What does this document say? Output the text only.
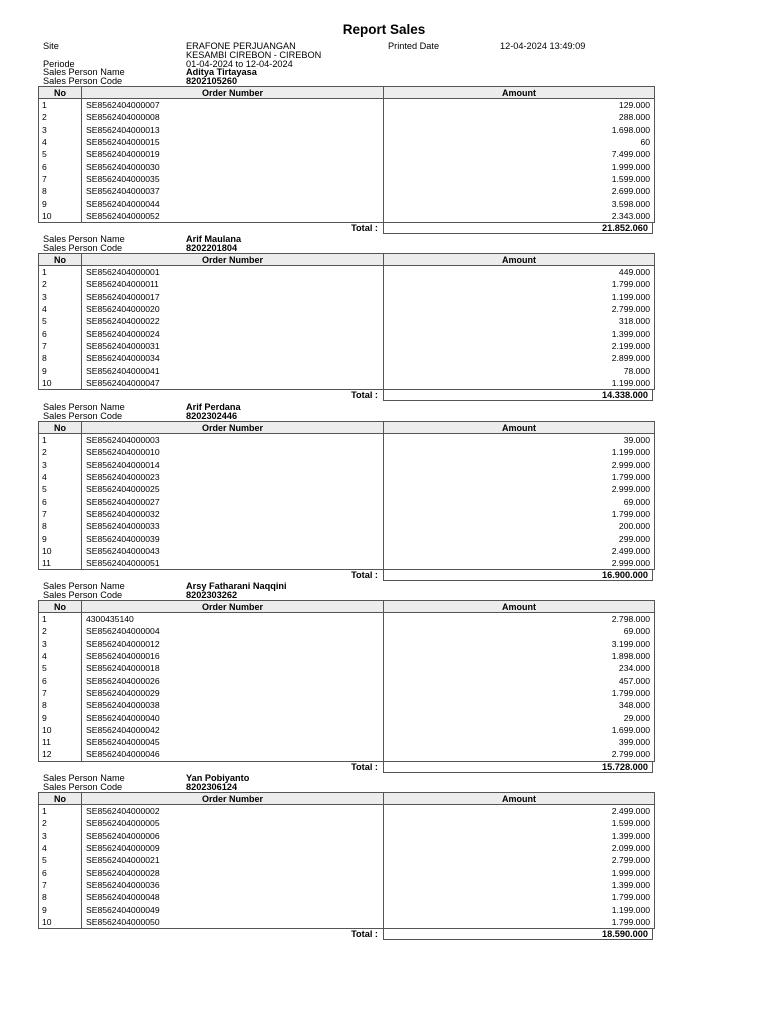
Report Sales
Site	ERAFONE PERJUANGAN
KESAMBI CIREBON - CIREBON
Printed Date	12-04-2024 13:49:09
Periode	01-04-2024 to 12-04-2024
Sales Person Name	Aditya Tirtayasa
Sales Person Code	8202105260
No	Order Number	Amount
1	SE8562404000007	129.000
2	SE8562404000008	288.000
3	SE8562404000013	1.698.000
4	SE8562404000015	60
5	SE8562404000019	7.499.000
6	SE8562404000030	1.999.000
7	SE8562404000035	1.599.000
8	SE8562404000037	2.699.000
9	SE8562404000044	3.598.000
10	SE8562404000052	2.343.000
Total :	21.852.060
Sales Person Name	Arif Maulana
Sales Person Code	8202201804
No	Order Number	Amount
1	SE8562404000001	449.000
2	SE8562404000011	1.799.000
3	SE8562404000017	1.199.000
4	SE8562404000020	2.799.000
5	SE8562404000022	318.000
6	SE8562404000024	1.399.000
7	SE8562404000031	2.199.000
8	SE8562404000034	2.899.000
9	SE8562404000041	78.000
10	SE8562404000047	1.199.000
Total :	14.338.000
Sales Person Name	Arif Perdana
Sales Person Code	8202302446
No	Order Number	Amount
1	SE8562404000003	39.000
2	SE8562404000010	1.199.000
3	SE8562404000014	2.999.000
4	SE8562404000023	1.799.000
5	SE8562404000025	2.999.000
6	SE8562404000027	69.000
7	SE8562404000032	1.799.000
8	SE8562404000033	200.000
9	SE8562404000039	299.000
10	SE8562404000043	2.499.000
11	SE8562404000051	2.999.000
Total :	16.900.000
Sales Person Name	Arsy Fatharani Naqqini
Sales Person Code	8202303262
No	Order Number	Amount
1	4300435140	2.798.000
2	SE8562404000004	69.000
3	SE8562404000012	3.199.000
4	SE8562404000016	1.898.000
5	SE8562404000018	234.000
6	SE8562404000026	457.000
7	SE8562404000029	1.799.000
8	SE8562404000038	348.000
9	SE8562404000040	29.000
10	SE8562404000042	1.699.000
11	SE8562404000045	399.000
12	SE8562404000046	2.799.000
Total :	15.728.000
Sales Person Name	Yan Pobiyanto
Sales Person Code	8202306124
No	Order Number	Amount
1	SE8562404000002	2.499.000
2	SE8562404000005	1.599.000
3	SE8562404000006	1.399.000
4	SE8562404000009	2.099.000
5	SE8562404000021	2.799.000
6	SE8562404000028	1.999.000
7	SE8562404000036	1.399.000
8	SE8562404000048	1.799.000
9	SE8562404000049	1.199.000
10	SE8562404000050	1.799.000
Total :	18.590.000
